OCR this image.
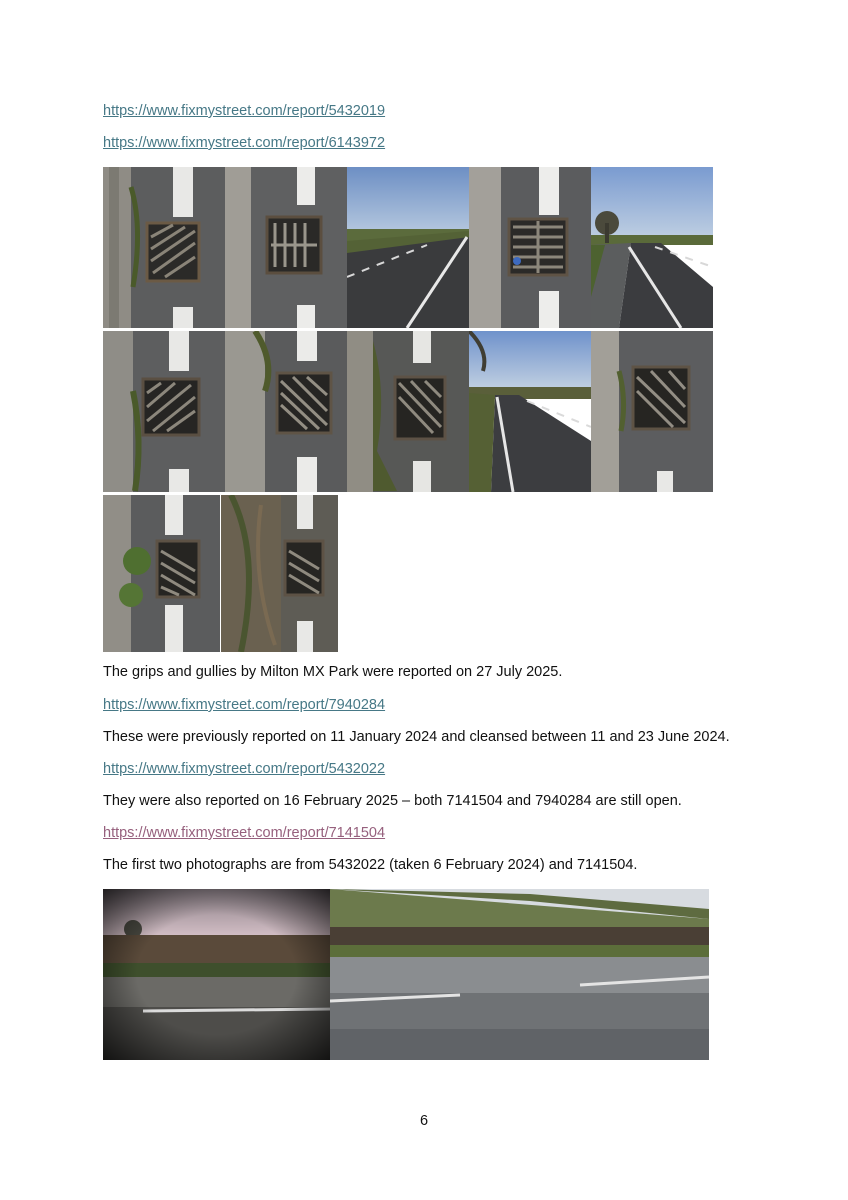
https://www.fixmystreet.com/report/5432019
https://www.fixmystreet.com/report/6143972

The grips and gullies by Milton MX Park were reported on 27 July 2025.

https://www.fixmystreet.com/report/7940284

These were previously reported on 11 January 2024 and cleansed between 11 and 23 June 2024.

https://www.fixmystreet.com/report/5432022

They were also reported on 16 February 2025 – both 7141504 and 7940284 are still open.

https://www.fixmystreet.com/report/7141504

The first two photographs are from 5432022 (taken 6 February 2024) and 7141504.

6
